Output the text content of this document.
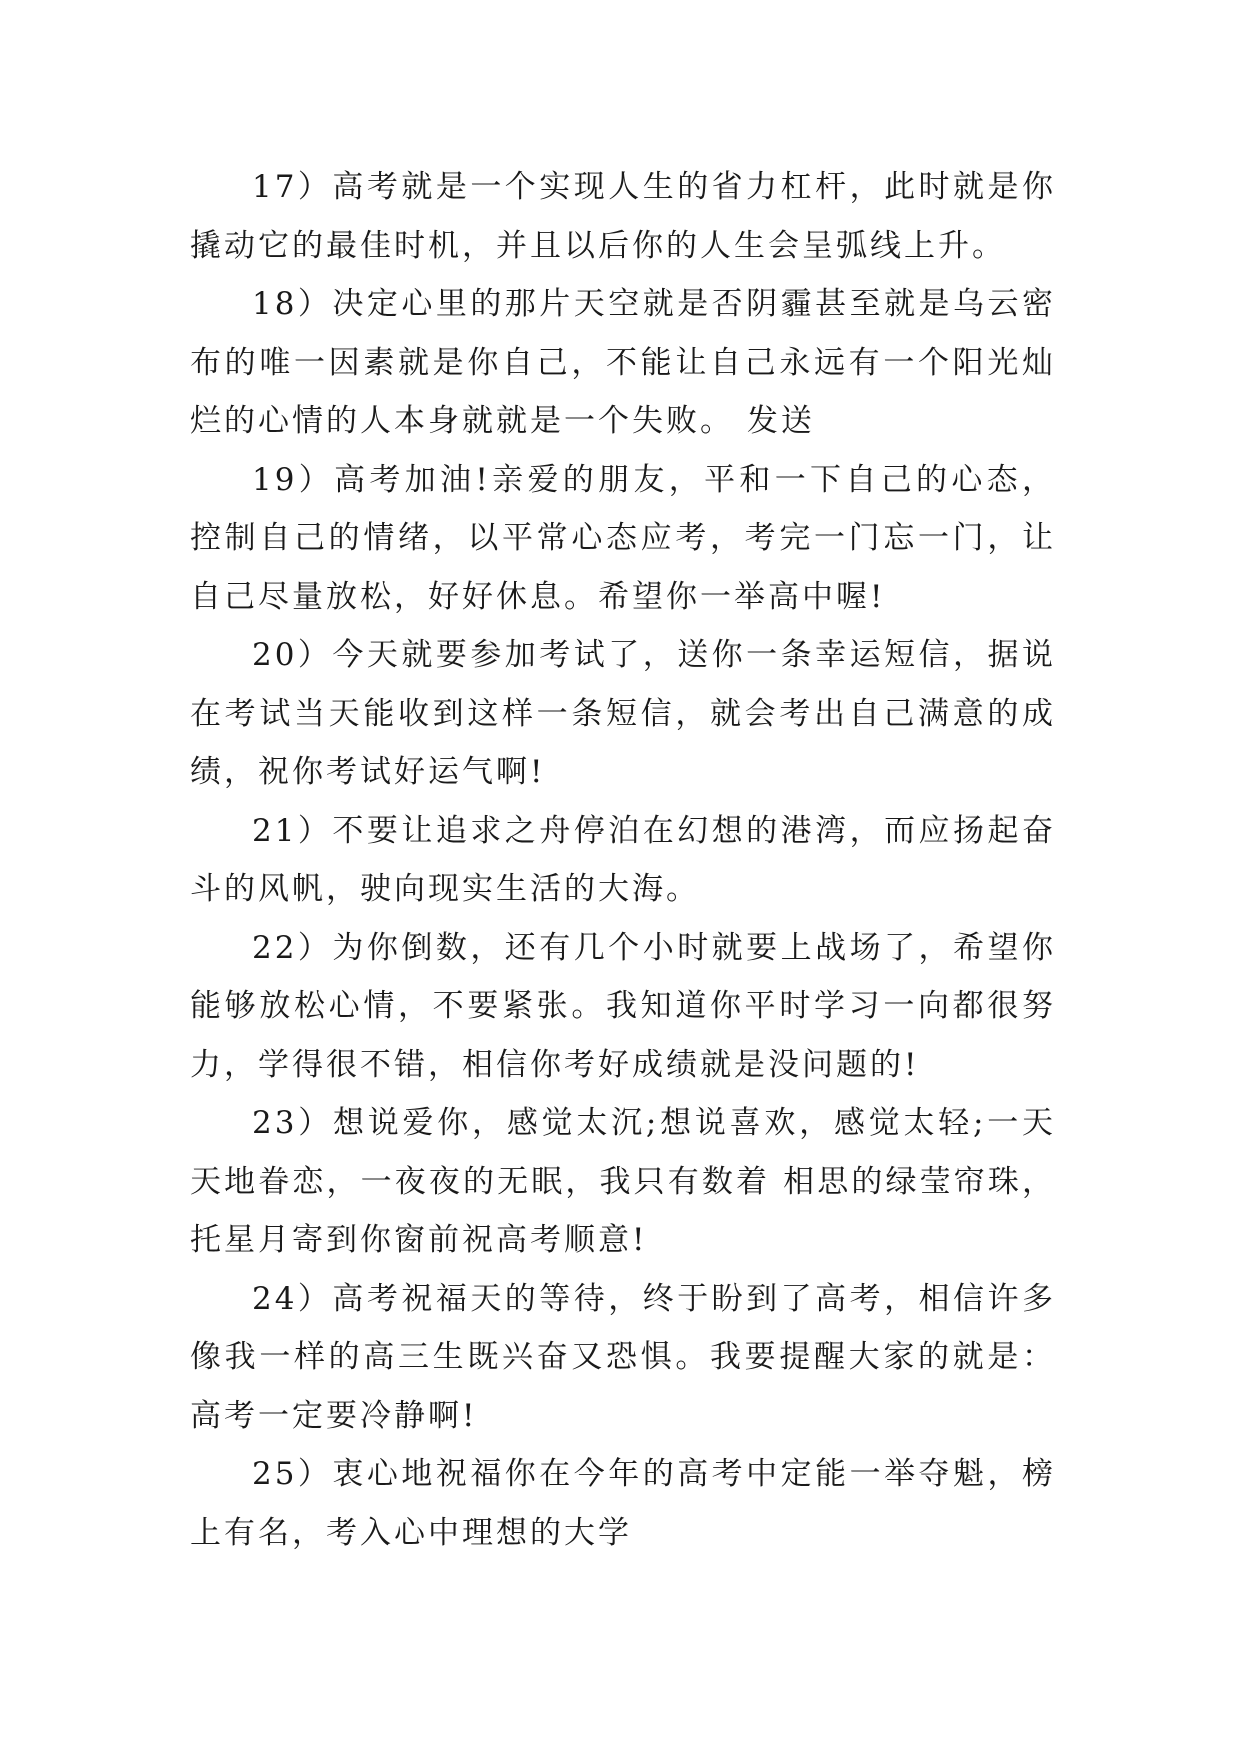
17）高考就是一个实现人生的省力杠杆，此时就是你撬动它的最佳时机，并且以后你的人生会呈弧线上升。

18）决定心里的那片天空就是否阴霾甚至就是乌云密布的唯一因素就是你自己，不能让自己永远有一个阳光灿烂的心情的人本身就就是一个失败。 发送

19）高考加油!亲爱的朋友，平和一下自己的心态，控制自己的情绪，以平常心态应考，考完一门忘一门，让自己尽量放松，好好休息。希望你一举高中喔!

20）今天就要参加考试了，送你一条幸运短信，据说在考试当天能收到这样一条短信，就会考出自己满意的成绩，祝你考试好运气啊!

21）不要让追求之舟停泊在幻想的港湾，而应扬起奋斗的风帆，驶向现实生活的大海。

22）为你倒数，还有几个小时就要上战场了，希望你能够放松心情，不要紧张。我知道你平时学习一向都很努力，学得很不错，相信你考好成绩就是没问题的!

23）想说爱你，感觉太沉;想说喜欢，感觉太轻;一天天地眷恋，一夜夜的无眠，我只有数着 相思的绿莹帘珠，托星月寄到你窗前祝高考顺意!

24）高考祝福天的等待，终于盼到了高考，相信许多像我一样的高三生既兴奋又恐惧。我要提醒大家的就是：高考一定要冷静啊!

25）衷心地祝福你在今年的高考中定能一举夺魁，榜上有名，考入心中理想的大学
